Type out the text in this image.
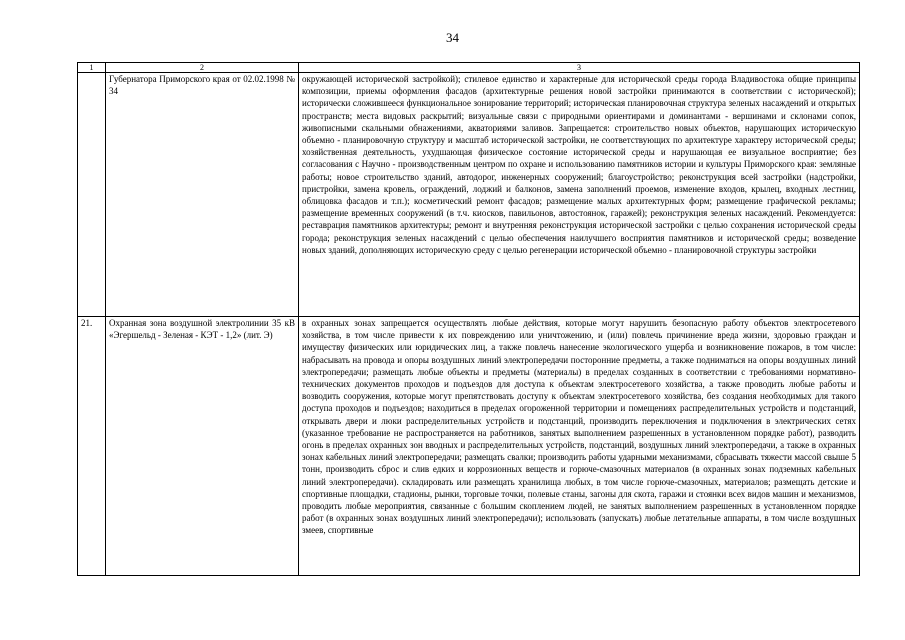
34
1	2	3
	Губернатора Приморского края от 02.02.1998 № 34	окружающей исторической застройкой); стилевое единство и характерные для исторической среды города Владивостока общие принципы композиции, приемы оформления фасадов (архитектурные решения новой застройки принимаются в соответствии с исторической); исторически сложившееся функциональное зонирование территорий; историческая планировочная структура зеленых насаждений и открытых пространств; места видовых раскрытий; визуальные связи с природными ориентирами и доминантами - вершинами и склонами сопок, живописными скальными обнажениями, акваториями заливов. Запрещается: строительство новых объектов, нарушающих историческую объемно - планировочную структуру и масштаб исторической застройки, не соответствующих по архитектуре характеру исторической среды; хозяйственная деятельность, ухудшающая физическое состояние исторической среды и нарушающая ее визуальное восприятие; без согласования с Научно - производственным центром по охране и использованию памятников истории и культуры Приморского края: земляные работы; новое строительство зданий, автодорог, инженерных сооружений; благоустройство; реконструкция всей застройки (надстройки, пристройки, замена кровель, ограждений, лоджий и балконов, замена заполнений проемов, изменение входов, крылец, входных лестниц, облицовка фасадов и т.п.); косметический ремонт фасадов; размещение малых архитектурных форм; размещение графической рекламы; размещение временных сооружений (в т.ч. киосков, павильонов, автостоянок, гаражей); реконструкция зеленых насаждений. Рекомендуется: реставрация памятников архитектуры; ремонт и внутренняя реконструкция исторической застройки с целью сохранения исторической среды города; реконструкция зеленых насаждений с целью обеспечения наилучшего восприятия памятников и исторической среды; возведение новых зданий, дополняющих историческую среду с целью регенерации исторической объемно - планировочной структуры застройки
21.	Охранная зона воздушной электролинии 35 кВ «Эгершельд - Зеленая - КЭТ - 1,2» (лит. Э)	в охранных зонах запрещается осуществлять любые действия, которые могут нарушить безопасную работу объектов электросетевого хозяйства, в том числе привести к их повреждению или уничтожению, и (или) повлечь причинение вреда жизни, здоровью граждан и имуществу физических или юридических лиц, а также повлечь нанесение экологического ущерба и возникновение пожаров, в том числе: набрасывать на провода и опоры воздушных линий электропередачи посторонние предметы, а также подниматься на опоры воздушных линий электропередачи; размещать любые объекты и предметы (материалы) в пределах созданных в соответствии с требованиями нормативно-технических документов проходов и подъездов для доступа к объектам электросетевого хозяйства, а также проводить любые работы и возводить сооружения, которые могут препятствовать доступу к объектам электросетевого хозяйства, без создания необходимых для такого доступа проходов и подъездов; находиться в пределах огороженной территории и помещениях распределительных устройств и подстанций, открывать двери и люки распределительных устройств и подстанций, производить переключения и подключения в электрических сетях (указанное требование не распространяется на работников, занятых выполнением разрешенных в установленном порядке работ), разводить огонь в пределах охранных зон вводных и распределительных устройств, подстанций, воздушных линий электропередачи, а также в охранных зонах кабельных линий электропередачи; размещать свалки; производить работы ударными механизмами, сбрасывать тяжести массой свыше 5 тонн, производить сброс и слив едких и коррозионных веществ и горюче-смазочных материалов (в охранных зонах подземных кабельных линий электропередачи). складировать или размещать хранилища любых, в том числе горюче-смазочных, материалов; размещать детские и спортивные площадки, стадионы, рынки, торговые точки, полевые станы, загоны для скота, гаражи и стоянки всех видов машин и механизмов, проводить любые мероприятия, связанные с большим скоплением людей, не занятых выполнением разрешенных в установленном порядке работ (в охранных зонах воздушных линий электропередачи); использовать (запускать) любые летательные аппараты, в том числе воздушных змеев, спортивные
